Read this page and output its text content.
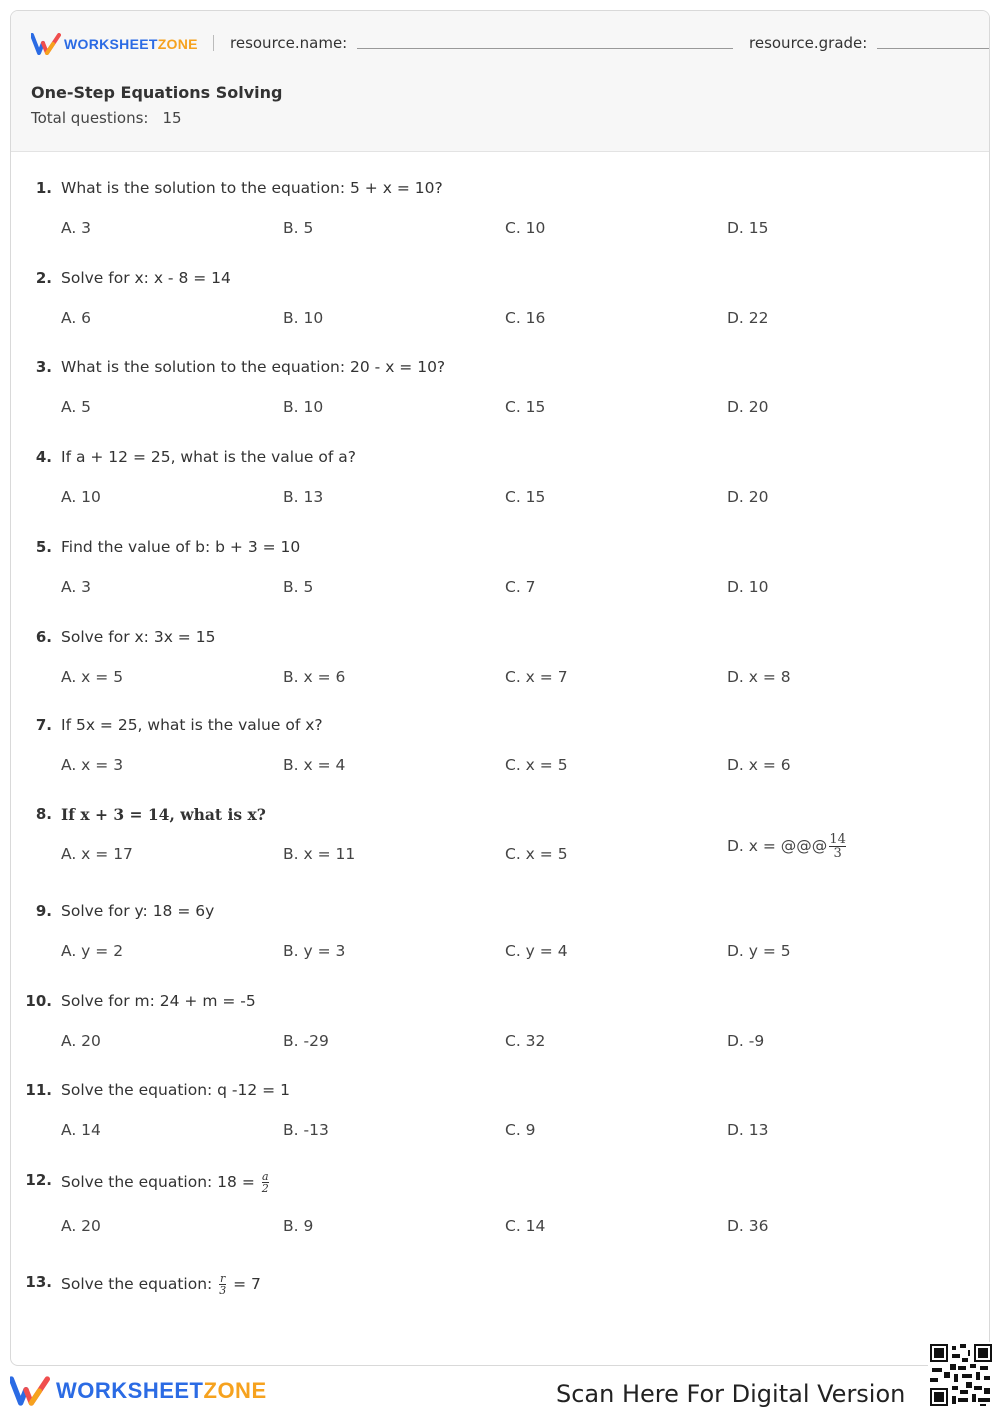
WORKSHEETZONE resource.name:	resource.grade:
One-Step Equations Solving
Total questions: 15
1. What is the solution to the equation: 5 + x = 10?
A. 3	B. 5	C. 10	D. 15
2. Solve for x: x - 8 = 14
A. 6	B. 10	C. 16	D. 22
3. What is the solution to the equation: 20 - x = 10?
A. 5	B. 10	C. 15	D. 20
4. If a + 12 = 25, what is the value of a?
A. 10	B. 13	C. 15	D. 20
5. Find the value of b: b + 3 = 10
A. 3	B. 5	C. 7	D. 10
6. Solve for x: 3x = 15
A. x = 5	B. x = 6	C. x = 7	D. x = 8
7. If 5x = 25, what is the value of x?
A. x = 3	B. x = 4	C. x = 5	D. x = 6
8. If x + 3 = 14, what is x?
A. x = 17	B. x = 11	C. x = 5	D. x = @@@ $\frac{14}{3}$
9. Solve for y: 18 = 6y
A. y = 2	B. y = 3	C. y = 4	D. y = 5
10. Solve for m: 24 + m = -5
A. 20	B. -29	C. 32	D. -9
11. Solve the equation: q -12 = 1
A. 14	B. -13	C. 9	D. 13
12. Solve the equation: $18 = \frac{a}{2}$
A. 20	B. 9	C. 14	D. 36
13. Solve the equation: $\frac{r}{3} = 7$
WORKSHEETZONE	Scan Here For Digital Version
